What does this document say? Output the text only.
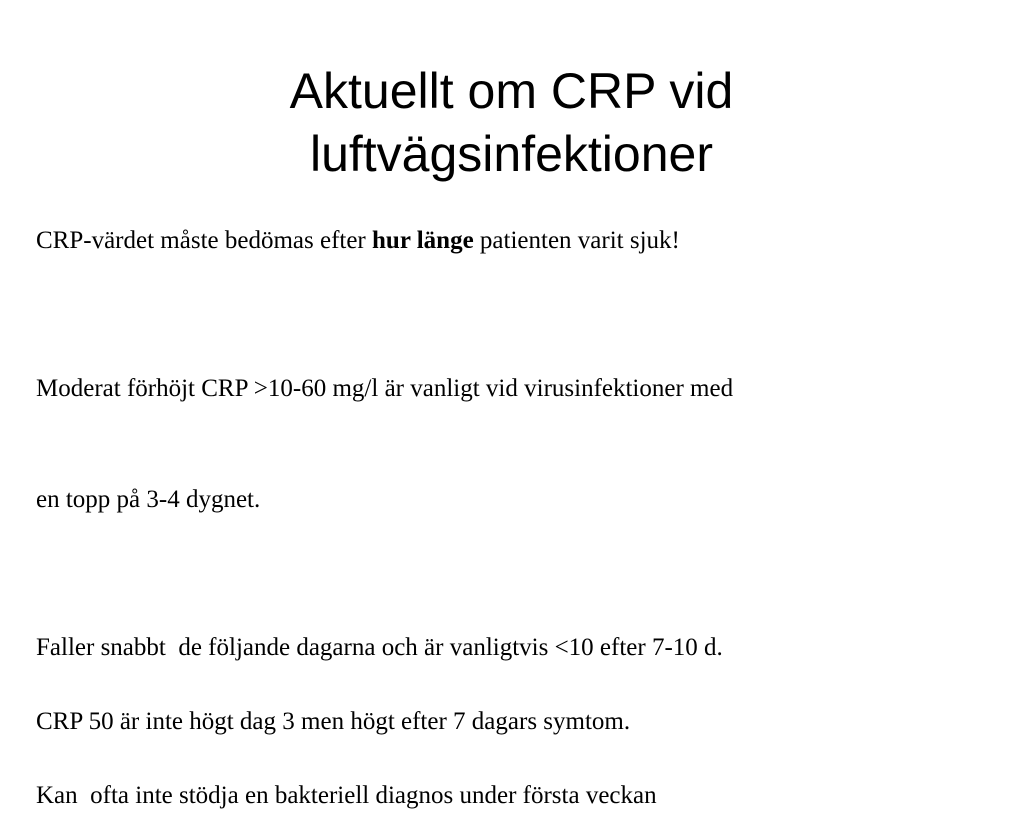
Aktuellt om CRP vid
luftvägsinfektioner

CRP-värdet måste bedömas efter hur länge patienten varit sjuk!

Moderat förhöjt CRP >10-60 mg/l är vanligt vid virusinfektioner med

en topp på 3-4 dygnet.

Faller snabbt  de följande dagarna och är vanligtvis <10 efter 7-10 d.

CRP 50 är inte högt dag 3 men högt efter 7 dagars symtom.

Kan  ofta inte stödja en bakteriell diagnos under första veckan
